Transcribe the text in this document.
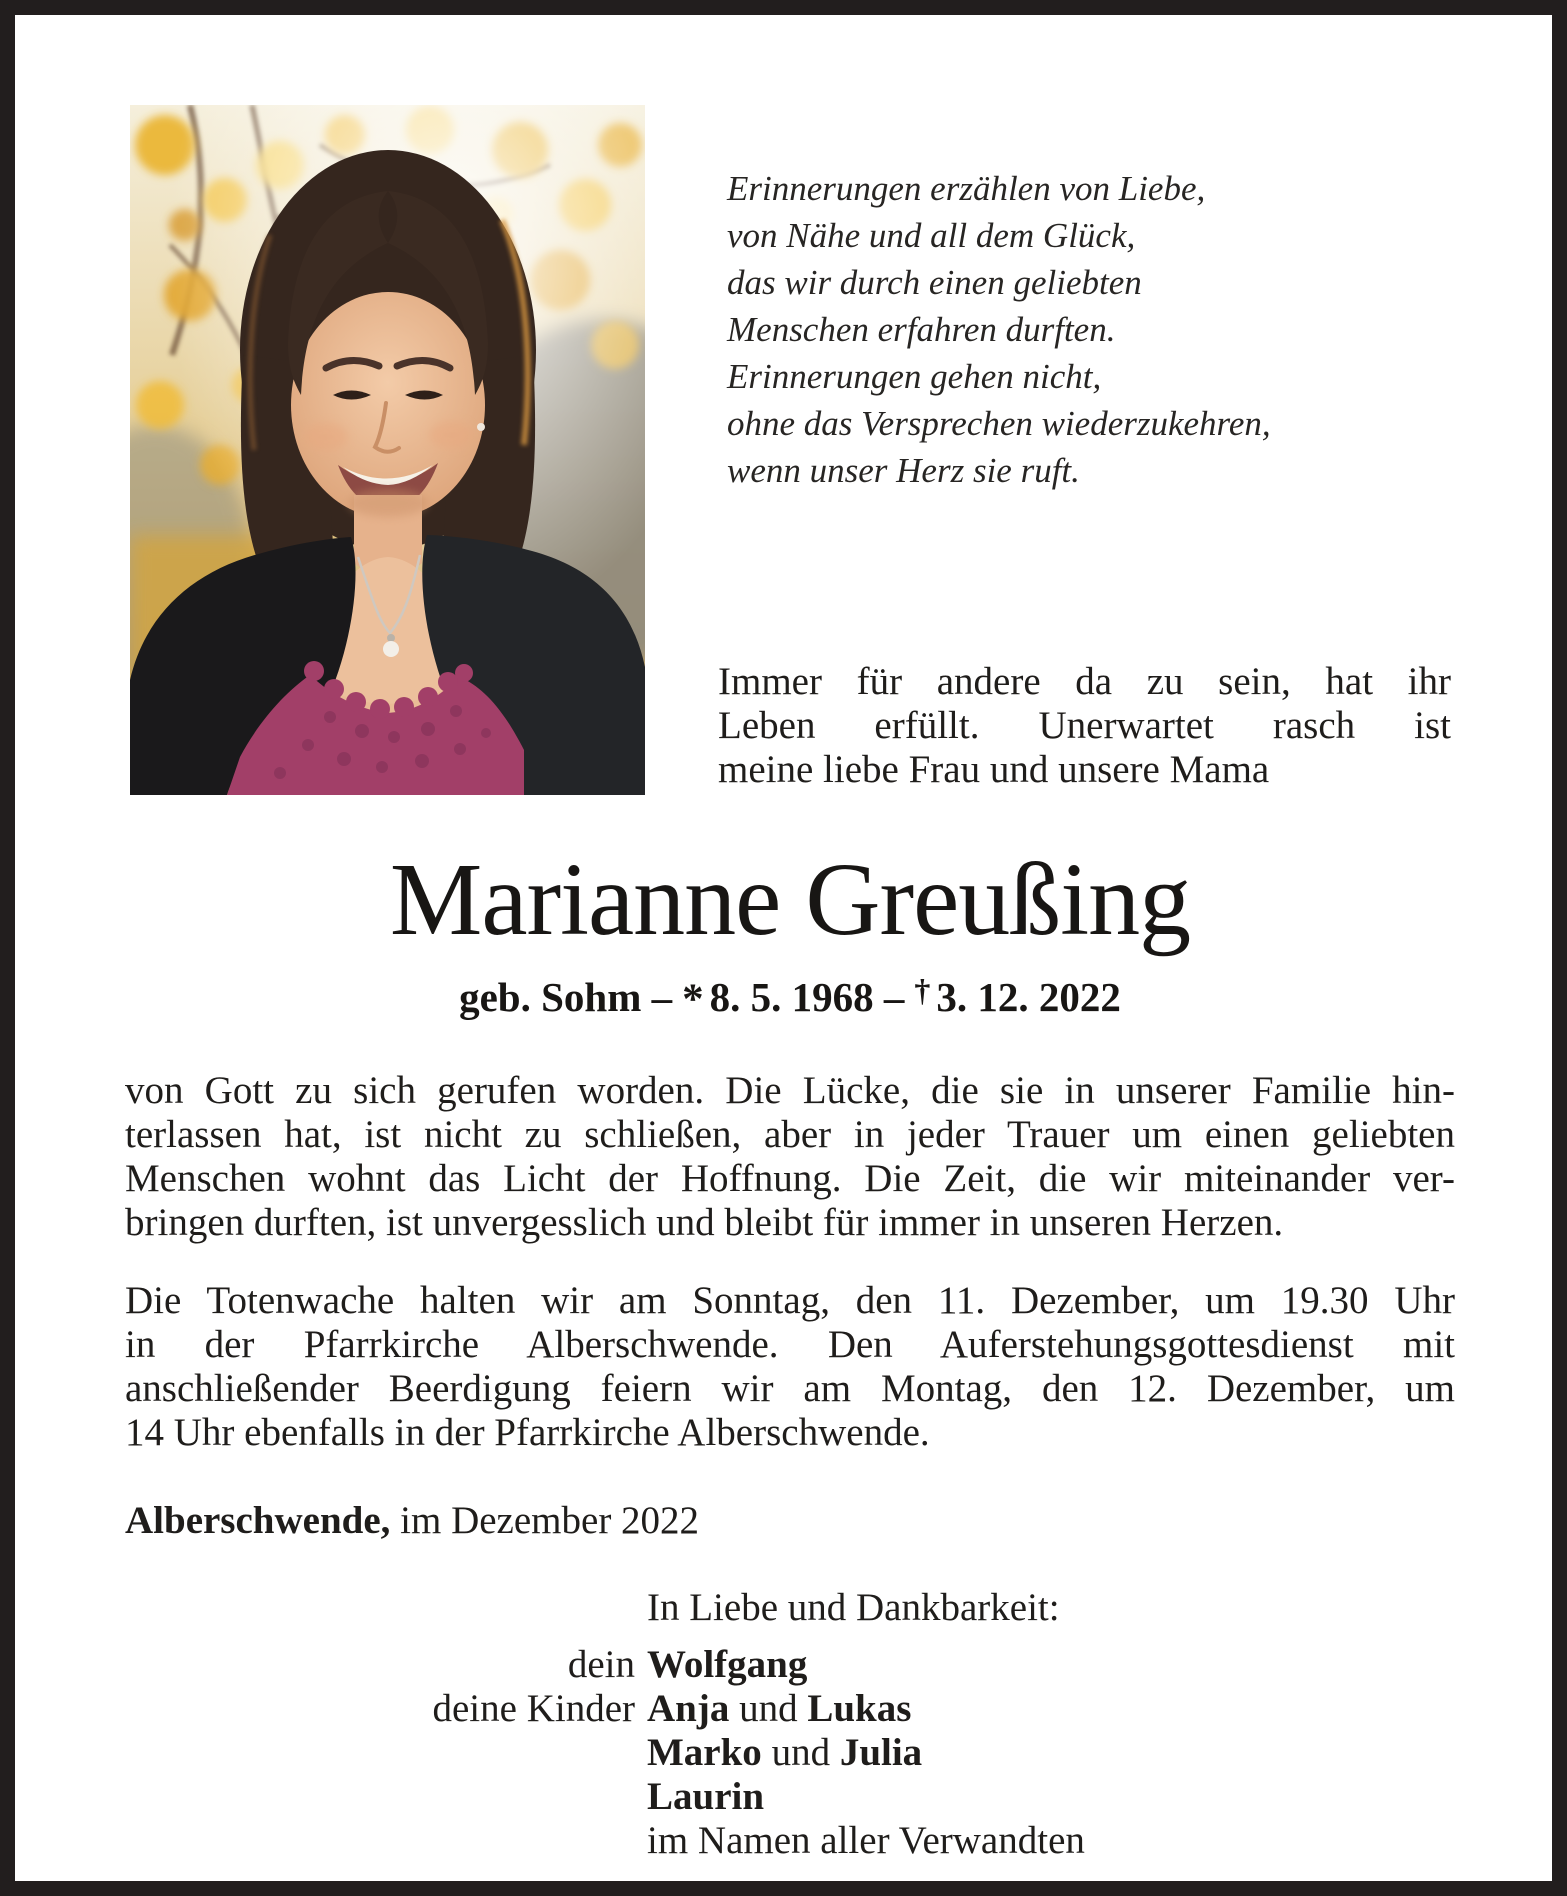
Erinnerungen erzählen von Liebe,
von Nähe und all dem Glück,
das wir durch einen geliebten
Menschen erfahren durften.
Erinnerungen gehen nicht,
ohne das Versprechen wiederzukehren,
wenn unser Herz sie ruft.
Immer für andere da zu sein, hat ihr
Leben erfüllt. Unerwartet rasch ist
meine liebe Frau und unsere Mama
Marianne Greußing
geb. Sohm – * 8. 5. 1968 – † 3. 12. 2022
von Gott zu sich gerufen worden. Die Lücke, die sie in unserer Familie hin-
terlassen hat, ist nicht zu schließen, aber in jeder Trauer um einen geliebten
Menschen wohnt das Licht der Hoffnung. Die Zeit, die wir miteinander ver-
bringen durften, ist unvergesslich und bleibt für immer in unseren Herzen.
Die Totenwache halten wir am Sonntag, den 11. Dezember, um 19.30 Uhr
in der Pfarrkirche Alberschwende. Den Auferstehungsgottesdienst mit
anschließender Beerdigung feiern wir am Montag, den 12. Dezember, um
14 Uhr ebenfalls in der Pfarrkirche Alberschwende.
Alberschwende, im Dezember 2022
In Liebe und Dankbarkeit:
dein Wolfgang
deine Kinder Anja und Lukas
Marko und Julia
Laurin
im Namen aller Verwandten
